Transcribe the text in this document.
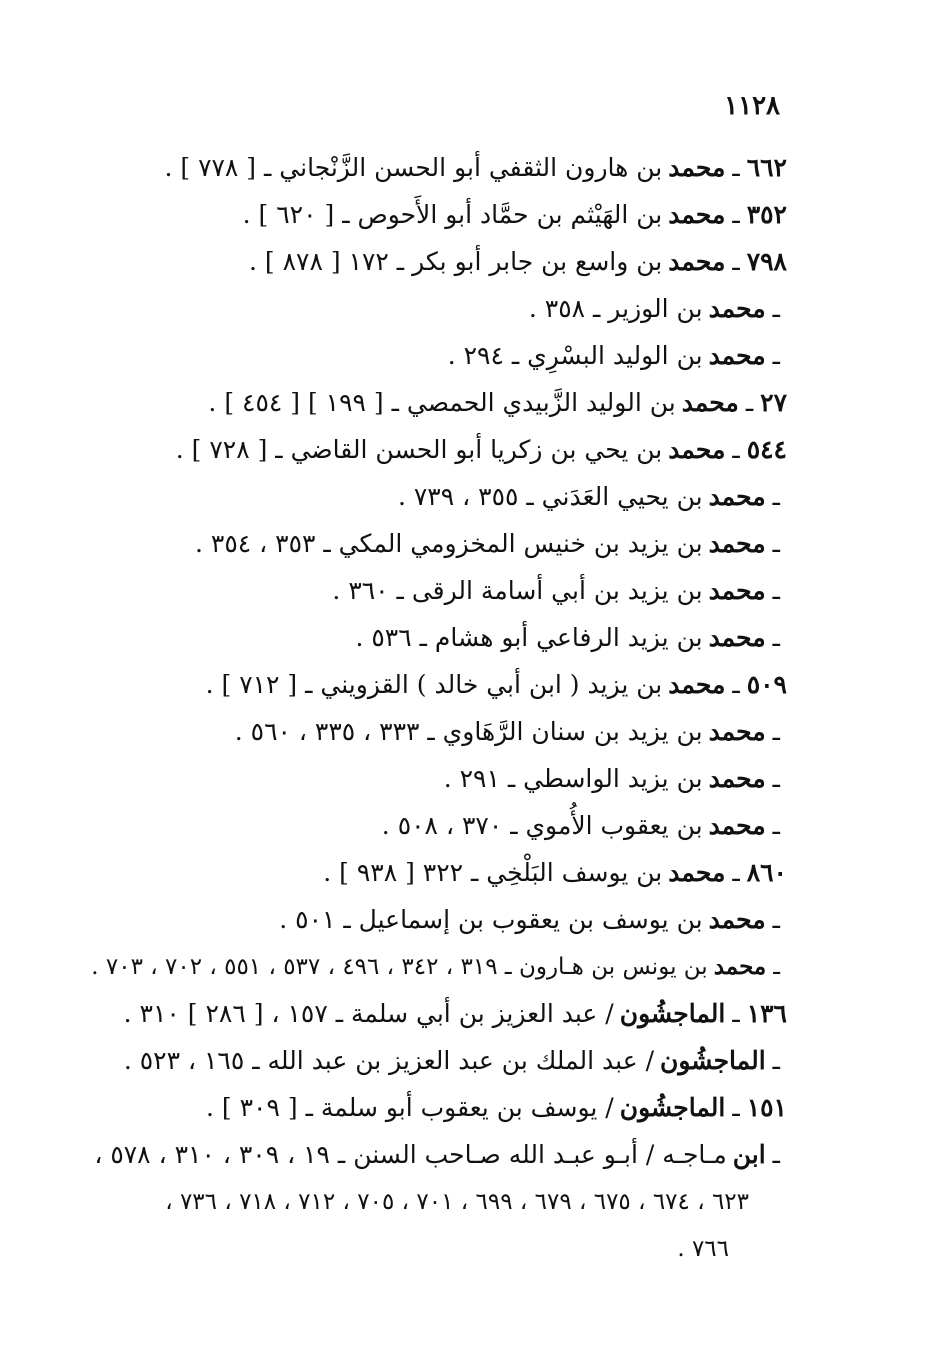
١١٢٨
٦٦٢
ـ
محمد
بن هارون الثقفي أبو الحسن الزَّنْجاني ـ [ ٧٧٨ ] .
٣٥٢
ـ
محمد
بن الهَيْثم بن حمَّاد أبو الأَحوص ـ [ ٦٢٠ ] .
٧٩٨
ـ
محمد
بن واسع بن جابر أبو بكر ـ ١٧٢ [ ٨٧٨ ] .
ـ
محمد
بن الوزير ـ ٣٥٨ .
ـ
محمد
بن الوليد البسْرِي ـ ٢٩٤ .
٢٧
ـ
محمد
بن الوليد الزَّبيدي الحمصي ـ [ ١٩٩ ] [ ٤٥٤ ] .
٥٤٤
ـ
محمد
بن يحي بن زكريا أبو الحسن القاضي ـ [ ٧٢٨ ] .
ـ
محمد
بن يحيي العَدَني ـ ٣٥٥ ، ٧٣٩ .
ـ
محمد
بن يزيد بن خنيس المخزومي المكي ـ ٣٥٣ ، ٣٥٤ .
ـ
محمد
بن يزيد بن أبي أسامة الرقى ـ ٣٦٠ .
ـ
محمد
بن يزيد الرفاعي أبو هشام ـ ٥٣٦ .
٥٠٩
ـ
محمد
بن يزيد ( ابن أبي خالد ) القزويني ـ [ ٧١٢ ] .
ـ
محمد
بن يزيد بن سنان الرَّهَاوي ـ ٣٣٣ ، ٣٣٥ ، ٥٦٠ .
ـ
محمد
بن يزيد الواسطي ـ ٢٩١ .
ـ
محمد
بن يعقوب الأُموي ـ ٣٧٠ ، ٥٠٨ .
٨٦٠
ـ
محمد
بن يوسف البَلْخِي ـ ٣٢٢ [ ٩٣٨ ] .
ـ
محمد
بن يوسف بن يعقوب بن إسماعيل ـ ٥٠١ .
ـ
محمد
بن يونس بن هـارون ـ ٣١٩ ، ٣٤٢ ، ٤٩٦ ، ٥٣٧ ، ٥٥١ ، ٧٠٢ ، ٧٠٣ .
١٣٦
ـ
الماجشُون
/ عبد العزيز بن أبي سلمة ـ ١٥٧ ، [ ٢٨٦ ] ٣١٠ .
ـ
الماجشُون
/ عبد الملك بن عبد العزيز بن عبد الله ـ ١٦٥ ، ٥٢٣ .
١٥١
ـ
الماجشُون
/ يوسف بن يعقوب أبو سلمة ـ [ ٣٠٩ ] .
ـ
ابن
مـاجـه / أبـو عبـد الله صـاحب السنن ـ ١٩ ، ٣٠٩ ، ٣١٠ ، ٥٧٨ ،
٦٢٣ ، ٦٧٤ ، ٦٧٥ ، ٦٧٩ ، ٦٩٩ ، ٧٠١ ، ٧٠٥ ، ٧١٢ ، ٧١٨ ، ٧٣٦ ،
٧٦٦ .
